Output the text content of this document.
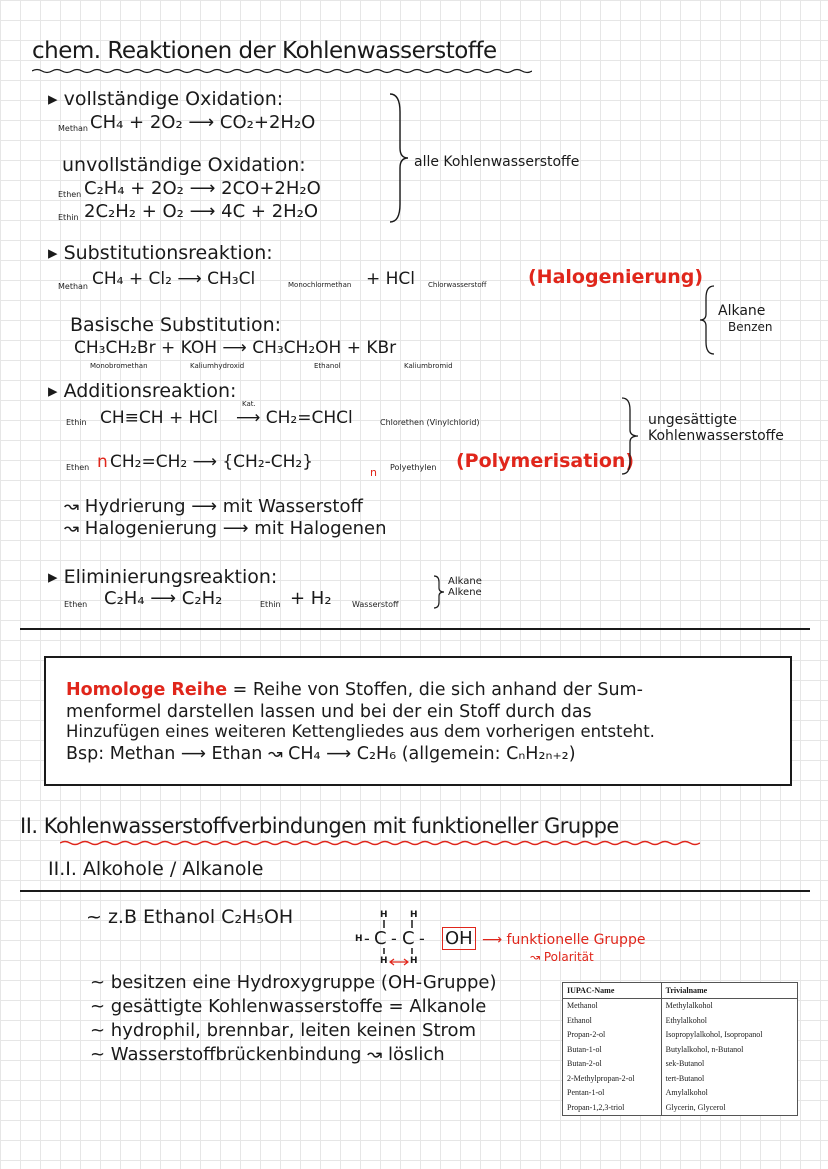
chem. Reaktionen der Kohlenwasserstoffe
▸ vollständige Oxidation:
Methan CH₄ + 2O₂ ⟶ CO₂+2H₂O
unvollständige Oxidation:
Ethen C₂H₄ + 2O₂ ⟶ 2CO+2H₂O
Ethin 2C₂H₂ + O₂ ⟶ 4C + 2H₂O
alle Kohlenwasserstoffe
▸ Substitutionsreaktion:
Methan CH₄ + Cl₂ ⟶ CH₃Cl	Monochlormethan + HCl Chlorwasserstoff (Halogenierung)
Alkane
Benzen
Basische Substitution:
CH₃CH₂Br + KOH ⟶ CH₃CH₂OH + KBr
Monobromethan	Kaliumhydroxid	Ethanol	Kaliumbromid
▸ Additionsreaktion:
Ethin CH≡CH + HCl
Kat.
⟶ CH₂=CHCl	Chlorethen (Vinylchlorid)
Ethen n CH₂=CH₂ ⟶ {CH₂-CH₂}
n Polyethylen (Polymerisation)
ungesättigte
Kohlenwasserstoffe
↝ Hydrierung ⟶ mit Wasserstoff
↝ Halogenierung ⟶ mit Halogenen
▸ Eliminierungsreaktion:
Ethen C₂H₄ ⟶ C₂H₂	Ethin + H₂	Wasserstoff
Alkane
Alkene
Homologe Reihe = Reihe von Stoffen, die sich anhand der Sum-
menformel darstellen lassen und bei der ein Stoff durch das
Hinzufügen eines weiteren Kettengliedes aus dem vorherigen entsteht.
Bsp: Methan ⟶ Ethan ↝ CH₄ ⟶ C₂H₆ (allgemein: CₙH₂ₙ₊₂)
II. Kohlenwasserstoffverbindungen mit funktioneller Gruppe
II.I. Alkohole / Alkanole
~ z.B Ethanol C₂H₅OH	H H
H - C - C -
H H
OH ⟶ funktionelle Gruppe
↝ Polarität
~ besitzen eine Hydroxygruppe (OH-Gruppe)
~ gesättigte Kohlenwasserstoffe = Alkanole
~ hydrophil, brennbar, leiten keinen Strom
~ Wasserstoffbrückenbindung ↝ löslich
IUPAC-Name	Trivialname
Methanol	Methylalkohol
Ethanol	Ethylalkohol
Propan-2-ol	Isopropylalkohol, Isopropanol
Butan-1-ol	Butylalkohol, n-Butanol
Butan-2-ol	sek-Butanol
2-Methylpropan-2-ol	tert-Butanol
Pentan-1-ol	Amylalkohol
Propan-1,2,3-triol	Glycerin, Glycerol
